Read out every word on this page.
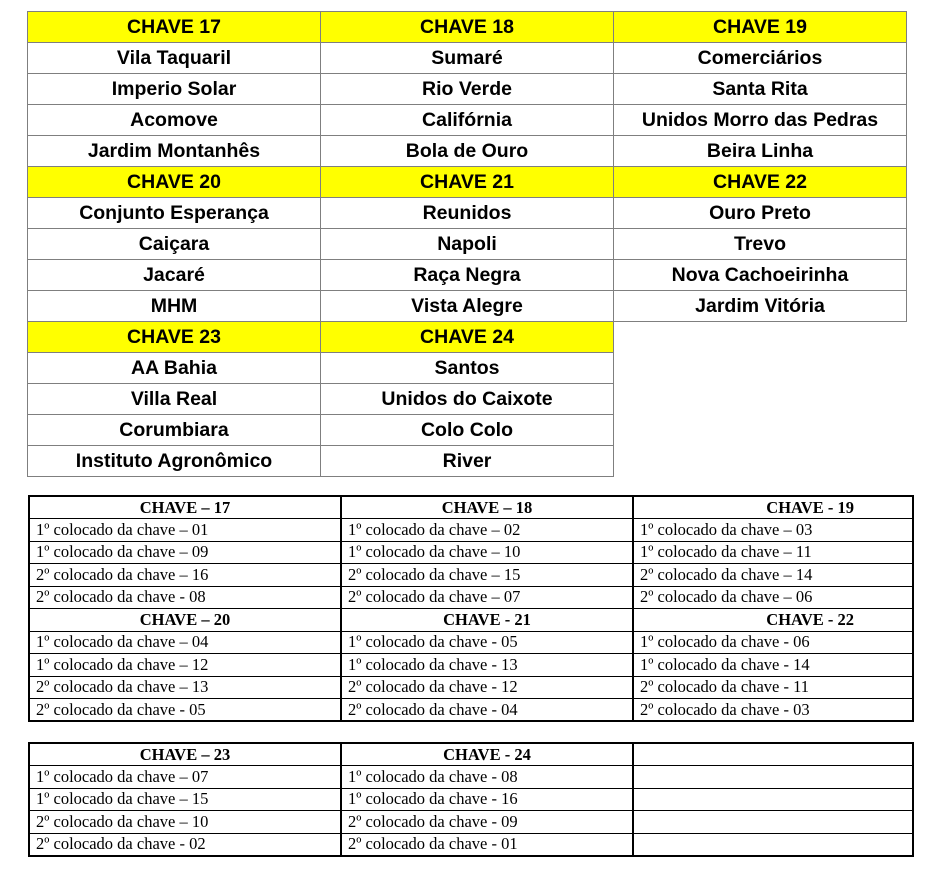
CHAVE 17	CHAVE 18	CHAVE 19
Vila Taquaril	Sumaré	Comerciários
Imperio Solar	Rio Verde	Santa Rita
Acomove	Califórnia	Unidos Morro das Pedras
Jardim Montanhês	Bola de Ouro	Beira Linha
CHAVE 20	CHAVE 21	CHAVE 22
Conjunto Esperança	Reunidos	Ouro Preto
Caiçara	Napoli	Trevo
Jacaré	Raça Negra	Nova Cachoeirinha
MHM	Vista Alegre	Jardim Vitória
CHAVE 23	CHAVE 24	
AA Bahia	Santos	
Villa Real	Unidos do Caixote	
Corumbiara	Colo Colo	
Instituto Agronômico	River	
CHAVE – 17	CHAVE – 18	CHAVE - 19
1º colocado da chave – 01	1º colocado da chave – 02	1º colocado da chave – 03
1º colocado da chave – 09	1º colocado da chave – 10	1º colocado da chave – 11
2º colocado da chave – 16	2º colocado da chave – 15	2º colocado da chave – 14
2º colocado da chave - 08	2º colocado da chave – 07	2º colocado da chave – 06
CHAVE – 20	CHAVE - 21	CHAVE - 22
1º colocado da chave – 04	1º colocado da chave - 05	1º colocado da chave - 06
1º colocado da chave – 12	1º colocado da chave - 13	1º colocado da chave - 14
2º colocado da chave – 13	2º colocado da chave - 12	2º colocado da chave - 11
2º colocado da chave - 05	2º colocado da chave - 04	2º colocado da chave - 03
CHAVE – 23	CHAVE - 24	
1º colocado da chave – 07	1º colocado da chave - 08	
1º colocado da chave – 15	1º colocado da chave - 16	
2º colocado da chave – 10	2º colocado da chave - 09	
2º colocado da chave - 02	2º colocado da chave - 01	
